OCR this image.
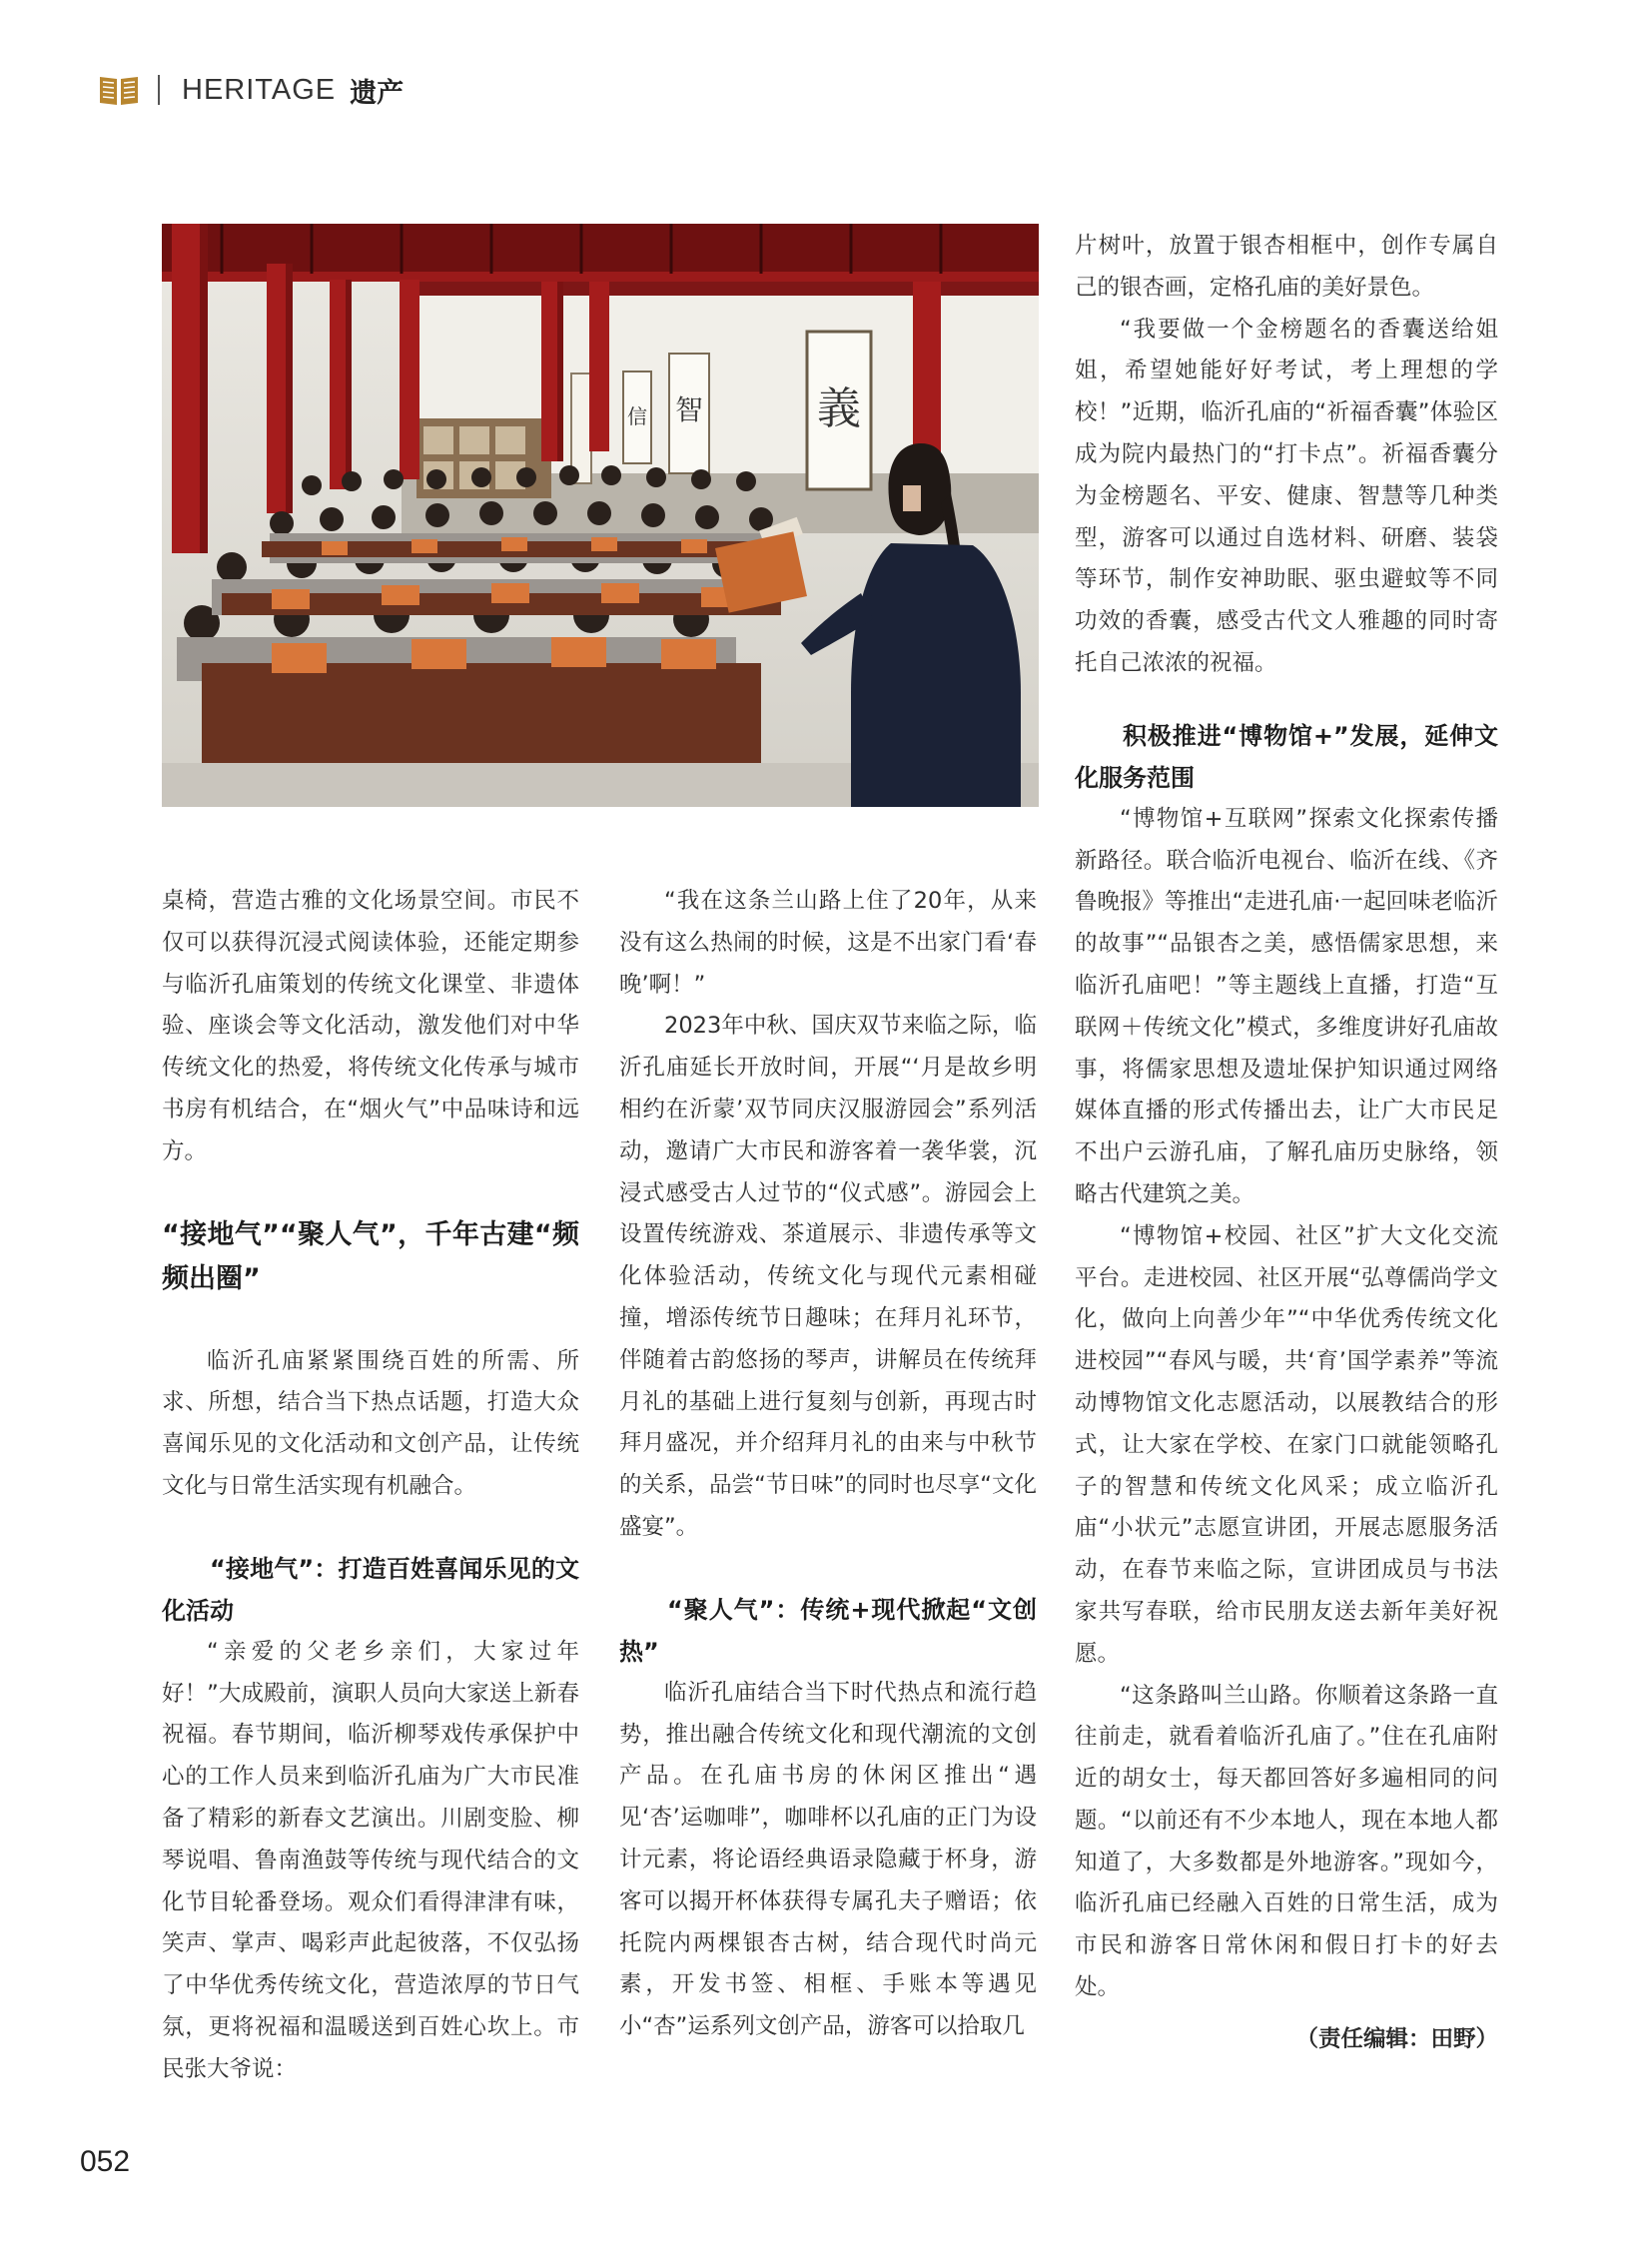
HERITAGE 遗产
信 智	義

桌椅，营造古雅的文化场景空间。市民不仅可以获得沉浸式阅读体验，还能定期参与临沂孔庙策划的传统文化课堂、非遗体验、座谈会等文化活动，激发他们对中华传统文化的热爱，将传统文化传承与城市书房有机结合，在“烟火气”中品味诗和远方。

“接地气”“聚人气”，千年古建“频频出圈”

临沂孔庙紧紧围绕百姓的所需、所求、所想，结合当下热点话题，打造大众喜闻乐见的文化活动和文创产品，让传统文化与日常生活实现有机融合。

“接地气”：打造百姓喜闻乐见的文化活动

“亲爱的父老乡亲们，大家过年好！”大成殿前，演职人员向大家送上新春祝福。春节期间，临沂柳琴戏传承保护中心的工作人员来到临沂孔庙为广大市民准备了精彩的新春文艺演出。川剧变脸、柳琴说唱、鲁南渔鼓等传统与现代结合的文化节目轮番登场。观众们看得津津有味，笑声、掌声、喝彩声此起彼落，不仅弘扬了中华优秀传统文化，营造浓厚的节日气氛，更将祝福和温暖送到百姓心坎上。市民张大爷说：

“我在这条兰山路上住了20年，从来没有这么热闹的时候，这是不出家门看‘春晚’啊！”

2023年中秋、国庆双节来临之际，临沂孔庙延长开放时间，开展“‘月是故乡明 相约在沂蒙’双节同庆汉服游园会”系列活动，邀请广大市民和游客着一袭华裳，沉浸式感受古人过节的“仪式感”。游园会上设置传统游戏、茶道展示、非遗传承等文化体验活动，传统文化与现代元素相碰撞，增添传统节日趣味；在拜月礼环节，伴随着古韵悠扬的琴声，讲解员在传统拜月礼的基础上进行复刻与创新，再现古时拜月盛况，并介绍拜月礼的由来与中秋节的关系，品尝“节日味”的同时也尽享“文化盛宴”。

“聚人气”：传统+现代掀起“文创热”

临沂孔庙结合当下时代热点和流行趋势，推出融合传统文化和现代潮流的文创产品。在孔庙书房的休闲区推出“遇见‘杏’运咖啡”，咖啡杯以孔庙的正门为设计元素，将论语经典语录隐藏于杯身，游客可以揭开杯体获得专属孔夫子赠语；依托院内两棵银杏古树，结合现代时尚元素，开发书签、相框、手账本等遇见小“杏”运系列文创产品，游客可以拾取几

片树叶，放置于银杏相框中，创作专属自己的银杏画，定格孔庙的美好景色。

“我要做一个金榜题名的香囊送给姐姐，希望她能好好考试，考上理想的学校！”近期，临沂孔庙的“祈福香囊”体验区成为院内最热门的“打卡点”。祈福香囊分为金榜题名、平安、健康、智慧等几种类型，游客可以通过自选材料、研磨、装袋等环节，制作安神助眠、驱虫避蚊等不同功效的香囊，感受古代文人雅趣的同时寄托自己浓浓的祝福。

积极推进“博物馆+”发展，延伸文化服务范围

“博物馆+互联网”探索文化探索传播新路径。联合临沂电视台、临沂在线、《齐鲁晚报》等推出“走进孔庙·一起回味老临沂的故事”“品银杏之美，感悟儒家思想，来临沂孔庙吧！”等主题线上直播，打造“互联网＋传统文化”模式，多维度讲好孔庙故事，将儒家思想及遗址保护知识通过网络媒体直播的形式传播出去，让广大市民足不出户云游孔庙，了解孔庙历史脉络，领略古代建筑之美。

“博物馆+校园、社区”扩大文化交流平台。走进校园、社区开展“弘尊儒尚学文化，做向上向善少年”“中华优秀传统文化进校园”“春风与暖，共‘育’国学素养”等流动博物馆文化志愿活动，以展教结合的形式，让大家在学校、在家门口就能领略孔子的智慧和传统文化风采；成立临沂孔庙“小状元”志愿宣讲团，开展志愿服务活动，在春节来临之际，宣讲团成员与书法家共写春联，给市民朋友送去新年美好祝愿。

“这条路叫兰山路。你顺着这条路一直往前走，就看着临沂孔庙了。”住在孔庙附近的胡女士，每天都回答好多遍相同的问题。“以前还有不少本地人，现在本地人都知道了，大多数都是外地游客。”现如今，临沂孔庙已经融入百姓的日常生活，成为市民和游客日常休闲和假日打卡的好去处。

（责任编辑：田野）
052
